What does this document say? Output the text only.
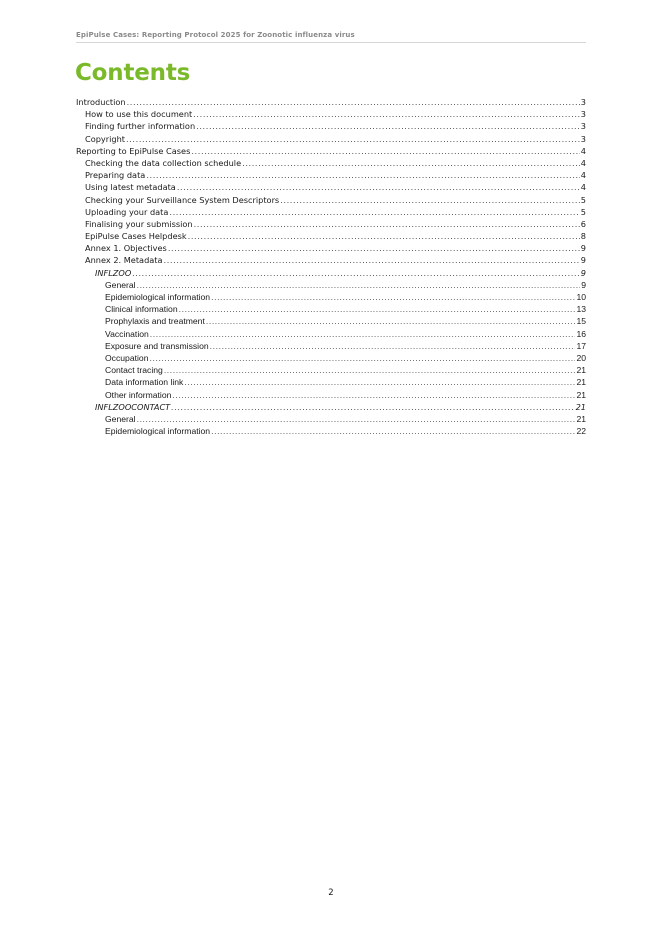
EpiPulse Cases: Reporting Protocol 2025 for Zoonotic influenza virus
Contents
Introduction .....	3
How to use this document .....	3
Finding further information .....	3
Copyright .....	3
Reporting to EpiPulse Cases .....	4
Checking the data collection schedule .....	4
Preparing data .....	4
Using latest metadata .....	4
Checking your Surveillance System Descriptors .....	5
Uploading your data .....	5
Finalising your submission .....	6
EpiPulse Cases Helpdesk .....	8
Annex 1. Objectives .....	9
Annex 2. Metadata .....	9
INFLZOO .....	9
General .....	9
Epidemiological information .....	10
Clinical information .....	13
Prophylaxis and treatment .....	15
Vaccination .....	16
Exposure and transmission .....	17
Occupation .....	20
Contact tracing .....	21
Data information link .....	21
Other information .....	21
INFLZOOCONTACT .....	21
General .....	21
Epidemiological information .....	22
2
